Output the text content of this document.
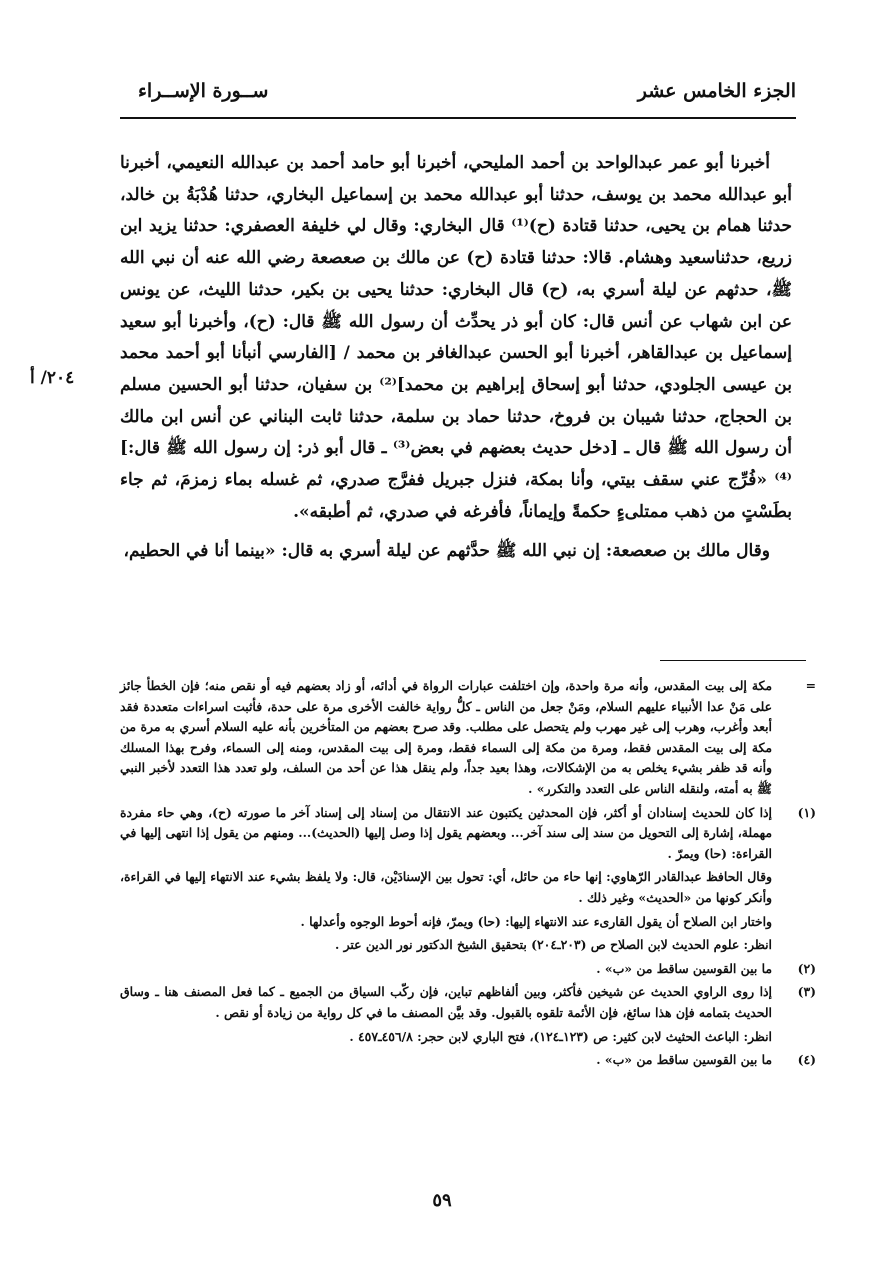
الجزء الخامس عشر
ســورة الإســراء
٢٠٤/ أ

أخبرنا أبو عمر عبدالواحد بن أحمد المليحي، أخبرنا أبو حامد أحمد بن عبدالله النعيمي، أخبرنا أبو عبدالله محمد بن يوسف، حدثنا أبو عبدالله محمد بن إسماعيل البخاري، حدثنا هُدْبَةُ بن خالد، حدثنا همام بن يحيى، حدثنا قتادة (ح)⁽¹⁾ قال البخاري: وقال لي خليفة العصفري: حدثنا يزيد ابن زريع، حدثناسعيد وهشام. قالا: حدثنا قتادة (ح) عن مالك بن صعصعة رضي الله عنه أن نبي الله ﷺ، حدثهم عن ليلة أسري به، (ح) قال البخاري: حدثنا يحيى بن بكير، حدثنا الليث، عن يونس عن ابن شهاب عن أنس قال: كان أبو ذر يحدِّث أن رسول الله ﷺ قال: (ح)، وأخبرنا أبو سعيد إسماعيل بن عبدالقاهر، أخبرنا أبو الحسن عبدالغافر بن محمد / [الفارسي أنبأنا أبو أحمد محمد بن عيسى الجلودي، حدثنا أبو إسحاق إبراهيم بن محمد]⁽²⁾ بن سفيان، حدثنا أبو الحسين مسلم بن الحجاج، حدثنا شيبان بن فروخ، حدثنا حماد بن سلمة، حدثنا ثابت البناني عن أنس ابن مالك أن رسول الله ﷺ قال ـ [دخل حديث بعضهم في بعض⁽³⁾ ـ قال أبو ذر: إن رسول الله ﷺ قال:]⁽⁴⁾ «فُرِّج عني سقف بيتي، وأنا بمكة، فنزل جبريل ففرَّج صدري، ثم غسله بماء زمزمَ، ثم جاء بطَسْتٍ من ذهب ممتلىءٍ حكمةً وإيماناً، فأفرغه في صدري، ثم أطبقه».

وقال مالك بن صعصعة: إن نبي الله ﷺ حدَّثهم عن ليلة أسري به قال: «بينما أنا في الحطيم،

=
مكة إلى بيت المقدس، وأنه مرة واحدة، وإن اختلفت عبارات الرواة في أدائه، أو زاد بعضهم فيه أو نقص منه؛ فإن الخطأ جائز على مَنْ عدا الأنبياء عليهم السلام، ومَنْ جعل من الناس ـ كلُّ رواية خالفت الأخرى مرة على حدة، فأثبت اسراءات متعددة فقد أبعد وأغرب، وهرب إلى غير مهرب ولم يتحصل على مطلب. وقد صرح بعضهم من المتأخرين بأنه عليه السلام أسري به مرة من مكة إلى بيت المقدس فقط، ومرة من مكة إلى السماء فقط، ومرة إلى بيت المقدس، ومنه إلى السماء، وفرح بهذا المسلك وأنه قد ظفر بشيء يخلص به من الإشكالات، وهذا بعيد جداً، ولم ينقل هذا عن أحد من السلف، ولو تعدد هذا التعدد لأخبر النبي ﷺ به أمته، ولنقله الناس على التعدد والتكرر» .
(١)
إذا كان للحديث إسنادان أو أكثر، فإن المحدثين يكتبون عند الانتقال من إسناد إلى إسناد آخر ما صورته (ح)، وهي حاء مفردة مهملة، إشارة إلى التحويل من سند إلى سند آخر... وبعضهم يقول إذا وصل إليها (الحديث)... ومنهم من يقول إذا انتهى إليها في القراءة: (حا) ويمرّ .
وقال الحافظ عبدالقادر الرّهاوي: إنها حاء من حائل، أي: تحول بين الإسنادَيْن، قال: ولا يلفظ بشيء عند الانتهاء إليها في القراءة، وأنكر كونها من «الحديث» وغير ذلك .
واختار ابن الصلاح أن يقول القارىء عند الانتهاء إليها: (حا) ويمرّ، فإنه أحوط الوجوه وأعدلها .
انظر: علوم الحديث لابن الصلاح ص (٢٠٣ـ٢٠٤) بتحقيق الشيخ الدكتور نور الدين عتر .
(٢)
ما بين القوسين ساقط من «ب» .
(٣)
إذا روى الراوي الحديث عن شيخين فأكثر، وبين ألفاظهم تباين، فإن ركّب السياق من الجميع ـ كما فعل المصنف هنا ـ وساق الحديث بتمامه فإن هذا سائغ، فإن الأئمة تلقوه بالقبول. وقد بيَّن المصنف ما في كل رواية من زيادة أو نقص .
انظر: الباعث الحثيث لابن كثير: ص (١٢٣ـ١٢٤)، فتح الباري لابن حجر: ٤٥٦/٨ـ٤٥٧ .
(٤)
ما بين القوسين ساقط من «ب» .
٥٩
